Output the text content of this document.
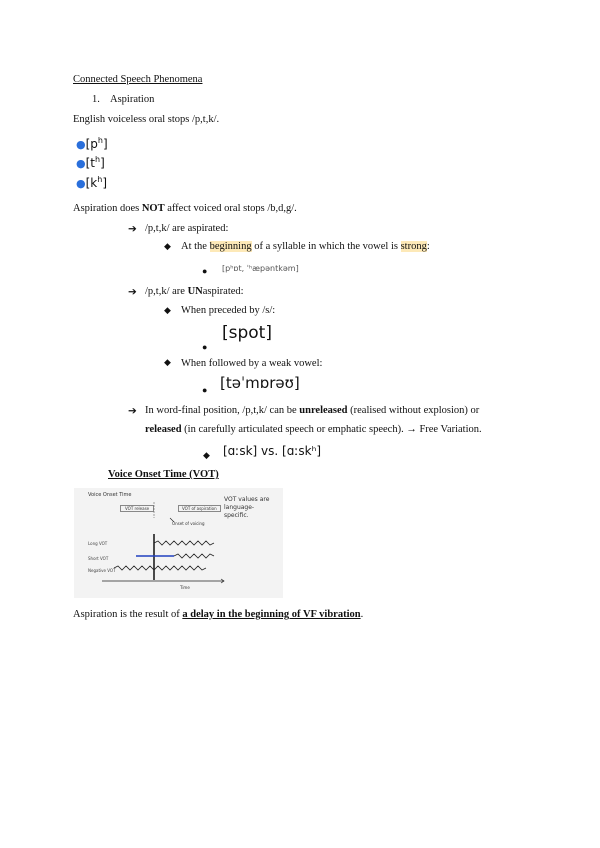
Connected Speech Phenomena
1. Aspiration
English voiceless oral stops /p,t,k/.
$●[p^h]$
$●[t^h]$
$●[k^h]$
Aspiration does NOT affect voiced oral stops /b,d,g/.
➔ /p,t,k/ are aspirated:
◆ At the beginning of a syllable in which the vowel is strong:
● [pʰɒt, ˈʰæpəntkəm]
➔ /p,t,k/ are UNaspirated:
◆ When preceded by /s/:
●
[spot]
◆ When followed by a weak vowel:
● [təˈmɒrəʊ]
➔ In word-final position, /p,t,k/ can be unreleased (realised without explosion) or
released (in carefully articulated speech or emphatic speech). → Free Variation.
◆ [ɑːsk] vs. [ɑːskʰ]
Voice Onset Time (VOT)
Voice Onset Time
VOT release	VOT of aspiration
Onset of voicing
Long VOT
Short VOT
Negative VOT
Time
VOT values are language-specific.
Aspiration is the result of a delay in the beginning of VF vibration.
